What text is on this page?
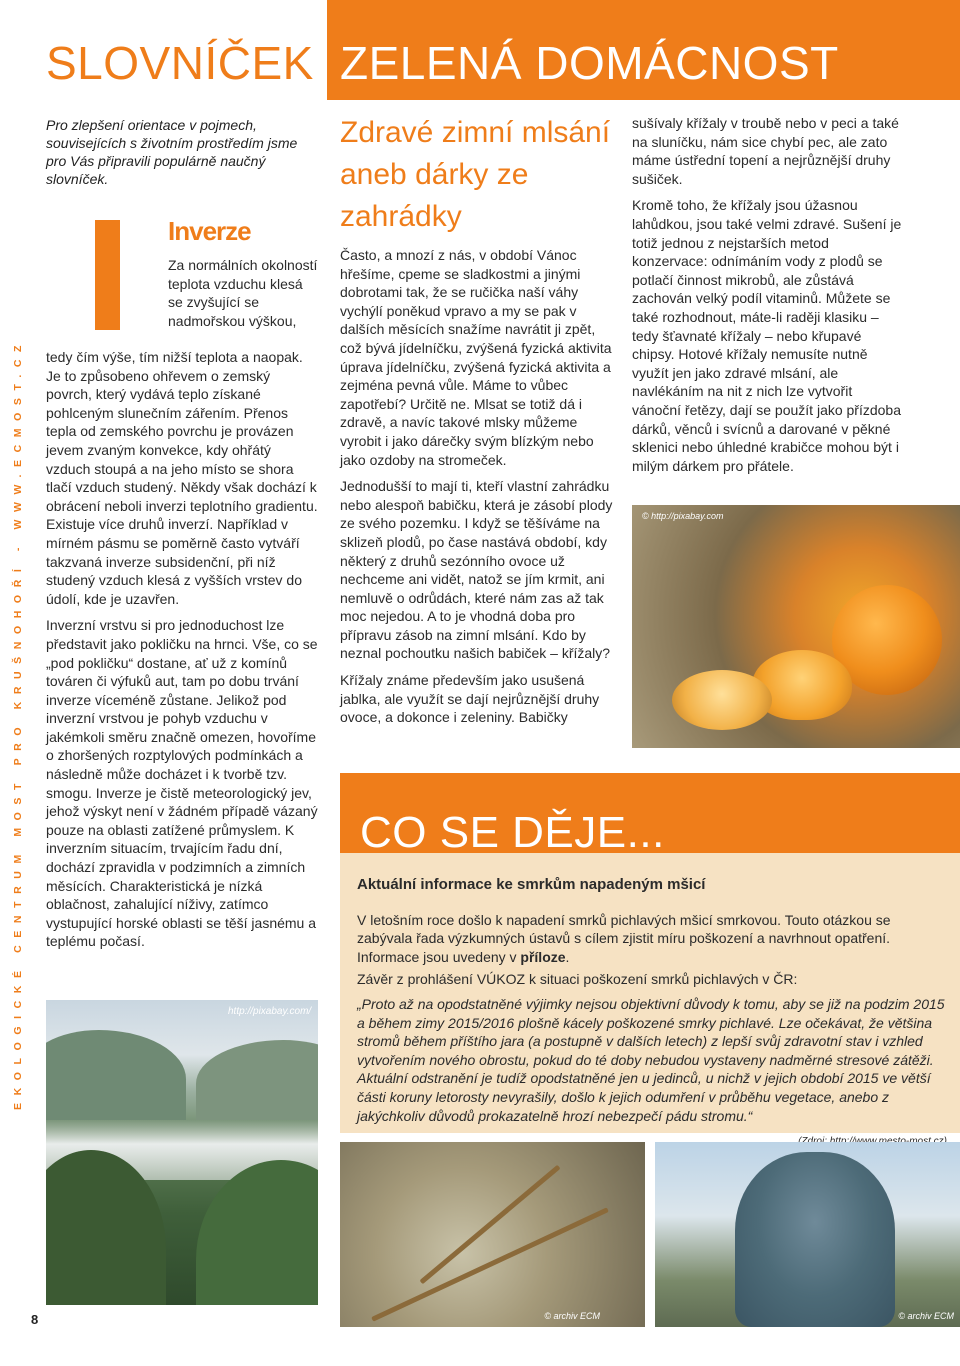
EKOLOGICKÉ CENTRUM MOST PRO KRUŠNOHOŘÍ - WWW.ECMOST.CZ
SLOVNÍČEK ZELENÁ DOMÁCNOST

Pro zlepšení orientace v pojmech, souvisejících s životním prostředím jsme pro Vás připravili populárně naučný slovníček.

Inverze
Za normálních okolností teplota vzduchu klesá se zvyšující se nadmořskou výškou,

tedy čím výše, tím nižší teplota a naopak. Je to způsobeno ohřevem o zemský povrch, který vydává teplo získané pohlceným slunečním zářením. Přenos tepla od zemského povrchu je provázen jevem zvaným konvekce, kdy ohřátý vzduch stoupá a na jeho místo se shora tlačí vzduch studený. Někdy však dochází k obrácení neboli inverzi teplotního gradientu. Existuje více druhů inverzí. Například v mírném pásmu se poměrně často vytváří takzvaná inverze subsidenční, při níž studený vzduch klesá z vyšších vrstev do údolí, kde je uzavřen.

Inverzní vrstvu si pro jednoduchost lze představit jako pokličku na hrnci. Vše, co se „pod pokličku“ dostane, ať už z komínů továren či výfuků aut, tam po dobu trvání inverze víceméně zůstane. Jelikož pod inverzní vrstvou je pohyb vzduchu v jakémkoli směru značně omezen, hovoříme o zhoršených rozptylových podmínkách a následně může docházet i k tvorbě tzv. smogu. Inverze je čistě meteorologický jev, jehož výskyt není v žádném případě vázaný pouze na oblasti zatížené průmyslem. K inverzním situacím, trvajícím řadu dní, dochází zpravidla v podzimních a zimních měsících. Charakteristická je nízká oblačnost, zahalující níživy, zatímco vystupující horské oblasti se těší jasnému a teplému počasí.

http://pixabay.com/
Zdravé zimní mlsání aneb dárky ze zahrádky

Často, a mnozí z nás, v období Vánoc hřešíme, cpeme se sladkostmi a jinými dobrotami tak, že se ručička naší váhy vychýlí poněkud vpravo a my se pak v dalších měsících snažíme navrátit ji zpět, což bývá jídelníčku, zvýšená fyzická aktivita úprava jídelníčku, zvýšená fyzická aktivita a zejména pevná vůle. Máme to vůbec zapotřebí? Určitě ne. Mlsat se totiž dá i zdravě, a navíc takové mlsky můžeme vyrobit i jako dárečky svým blízkým nebo jako ozdoby na stromeček.

Jednodušší to mají ti, kteří vlastní zahrádku nebo alespoň babičku, která je zásobí plody ze svého pozemku. I když se těšíváme na sklizeň plodů, po čase nastává období, kdy některý z druhů sezónního ovoce už nechceme ani vidět, natož se jím krmit, ani nemluvě o odrůdách, které nám zas až tak moc nejedou. A to je vhodná doba pro přípravu zásob na zimní mlsání. Kdo by neznal pochoutku našich babiček – křížaly?

Křížaly známe především jako usušená jablka, ale využít se dají nejrůznější druhy ovoce, a dokonce i zeleniny. Babičky

sušívaly křížaly v troubě nebo v peci a také na sluníčku, nám sice chybí pec, ale zato máme ústřední topení a nejrůznější druhy sušiček.

Kromě toho, že křížaly jsou úžasnou lahůdkou, jsou také velmi zdravé. Sušení je totiž jednou z nejstarších metod konzervace: odnímáním vody z plodů se potlačí činnost mikrobů, ale zůstává zachován velký podíl vitaminů. Můžete se také rozhodnout, máte-li raději klasiku – tedy šťavnaté křížaly – nebo křupavé chipsy. Hotové křížaly nemusíte nutně využít jen jako zdravé mlsání, ale navlékáním na nit z nich lze vytvořit vánoční řetězy, dají se použít jako přízdoba dárků, věnců i svícnů a darované v pěkné sklenici nebo úhledné krabičce mohou být i milým dárkem pro přátele.

© http://pixabay.com
CO SE DĚJE...
Aktuální informace ke smrkům napadeným mšicí

V letošním roce došlo k napadení smrků pichlavých mšicí smrkovou. Touto otázkou se zabývala řada výzkumných ústavů s cílem zjistit míru poškození a navrhnout opatření. Informace jsou uvedeny v příloze.

Závěr z prohlášení VÚKOZ k situaci poškození smrků pichlavých v ČR:

„Proto až na opodstatněné výjimky nejsou objektivní důvody k tomu, aby se již na podzim 2015 a během zimy 2015/2016 plošně kácely poškozené smrky pichlavé. Lze očekávat, že většina stromů během příštího jara (a postupně v dalších letech) z lepší svůj zdravotní stav i vzhled vytvořením nového obrostu, pokud do té doby nebudou vystaveny nadměrné stresové zátěži. Aktuální odstranění je tudíž opodstatněné jen u jedinců, u nichž v jejich období 2015 ve větší části koruny letorosty nevyrašily, došlo k jejich odumření v průběhu vegetace, anebo z jakýchkoliv důvodů prokazatelně hrozí nebezpečí pádu stromu.“

© archiv ECM	© archiv ECM
8
